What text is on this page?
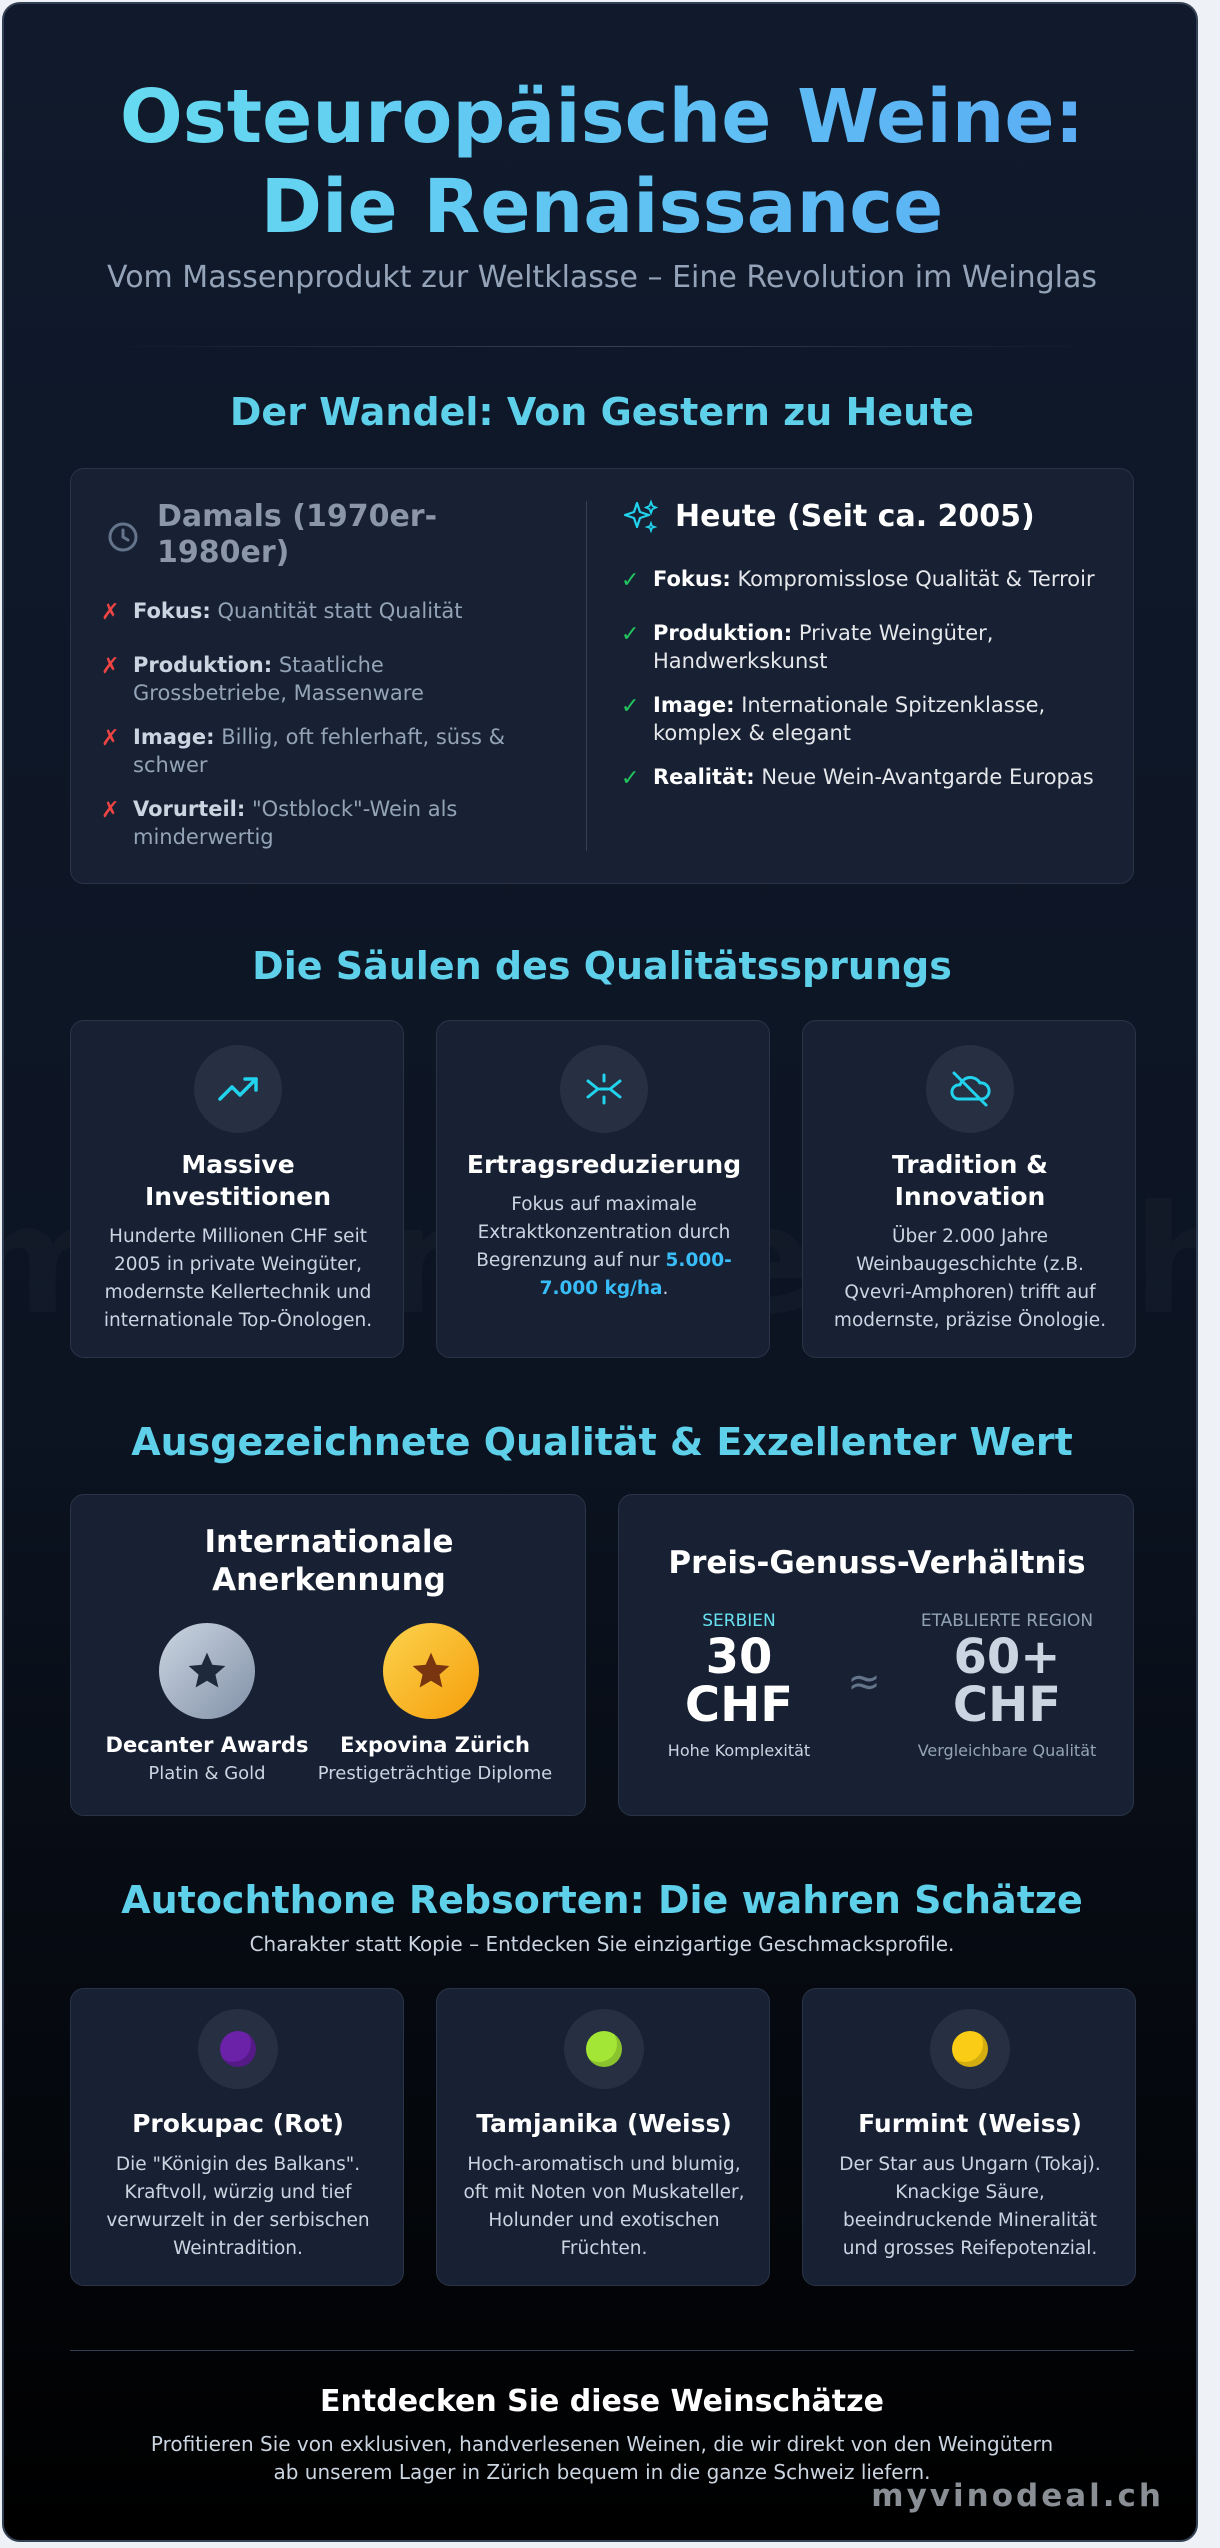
Osteuropäische Weine:
Die Renaissance
Vom Massenprodukt zur Weltklasse – Eine Revolution im Weinglas
Der Wandel: Von Gestern zu Heute
Damals (1970er-1980er)
✗ Fokus: Quantität statt Qualität
✗ Produktion: Staatliche Grossbetriebe, Massenware
✗ Image: Billig, oft fehlerhaft, süss & schwer
✗ Vorurteil: "Ostblock"-Wein als minderwertig
Heute (Seit ca. 2005)
✓ Fokus: Kompromisslose Qualität & Terroir
✓ Produktion: Private Weingüter, Handwerkskunst
✓ Image: Internationale Spitzenklasse, komplex & elegant
✓ Realität: Neue Wein-Avantgarde Europas
Die Säulen des Qualitätssprungs
Massive Investitionen
Hunderte Millionen CHF seit 2005 in private Weingüter, modernste Kellertechnik und internationale Top-Önologen.
Ertragsreduzierung
Fokus auf maximale Extraktkonzentration durch Begrenzung auf nur 5.000-7.000 kg/ha.
Tradition & Innovation
Über 2.000 Jahre Weinbaugeschichte (z.B. Qvevri-Amphoren) trifft auf modernste, präzise Önologie.
Ausgezeichnete Qualität & Exzellenter Wert
Internationale Anerkennung
Decanter Awards
Platin & Gold
Expovina Zürich
Prestigeträchtige Diplome
Preis-Genuss-Verhältnis
SERBIEN
30
CHF
Hohe Komplexität
≈
ETABLIERTE REGION
60+
CHF
Vergleichbare Qualität
Autochthone Rebsorten: Die wahren Schätze
Charakter statt Kopie – Entdecken Sie einzigartige Geschmacksprofile.
Prokupac (Rot)
Die "Königin des Balkans". Kraftvoll, würzig und tief verwurzelt in der serbischen Weintradition.
Tamjanika (Weiss)
Hoch-aromatisch und blumig, oft mit Noten von Muskateller, Holunder und exotischen Früchten.
Furmint (Weiss)
Der Star aus Ungarn (Tokaj). Knackige Säure, beeindruckende Mineralität und grosses Reifepotenzial.
Entdecken Sie diese Weinschätze
Profitieren Sie von exklusiven, handverlesenen Weinen, die wir direkt von den Weingütern ab unserem Lager in Zürich bequem in die ganze Schweiz liefern.
myvinodeal.ch
